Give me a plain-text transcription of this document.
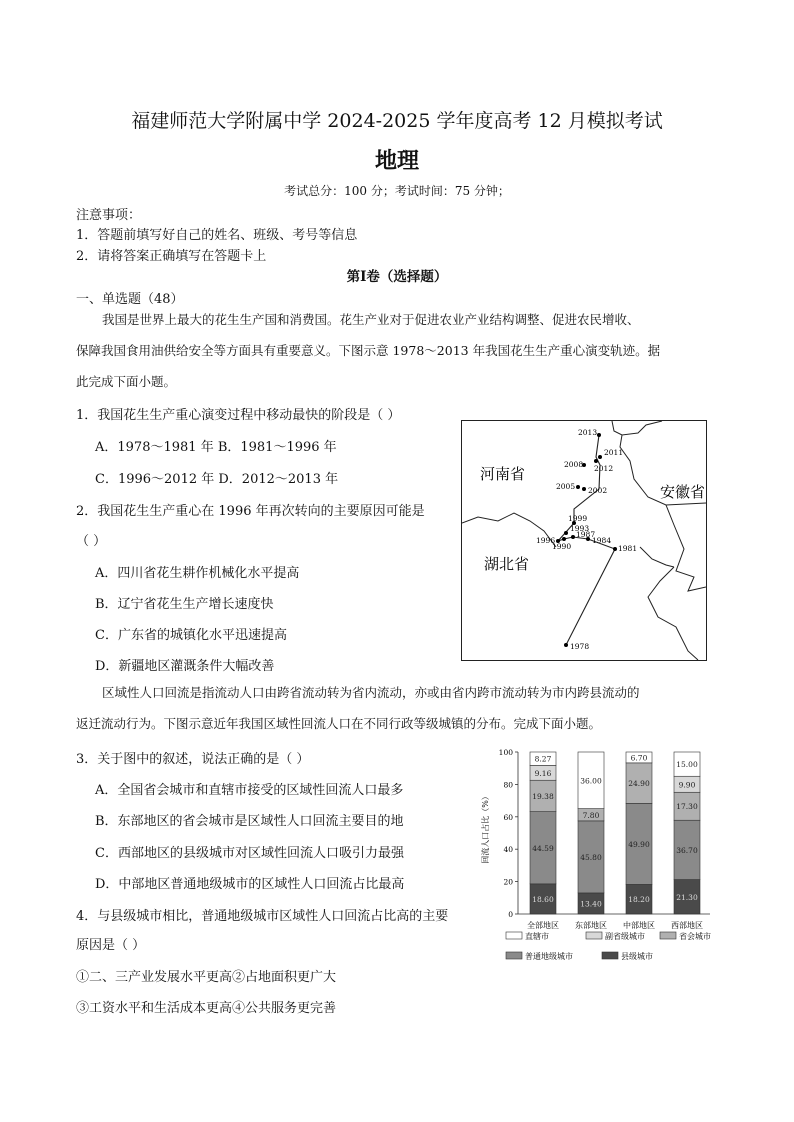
福建师范大学附属中学 2024-2025 学年度高考 12 月模拟考试
地理
考试总分：100 分；考试时间：75 分钟；
注意事项：
1．答题前填写好自己的姓名、班级、考号等信息
2．请将答案正确填写在答题卡上
第Ⅰ卷（选择题）
一、单选题（48）
我国是世界上最大的花生生产国和消费国。花生产业对于促进农业产业结构调整、促进农民增收、
保障我国食用油供给安全等方面具有重要意义。下图示意 1978～2013 年我国花生生产重心演变轨迹。据
此完成下面小题。
1．我国花生生产重心演变过程中移动最快的阶段是（ ）
A．1978～1981 年 B．1981～1996 年
C．1996～2012 年 D．2012～2013 年
2．我国花生生产重心在 1996 年再次转向的主要原因可能是
（ ）
A．四川省花生耕作机械化水平提高
B．辽宁省花生生产增长速度快
C．广东省的城镇化水平迅速提高
D．新疆地区灌溉条件大幅改善
河南省
安徽省
湖北省
1978
1981
1984
1987
1990
1993
1996
1999
2002
2005
2008
2011
2012
2013
区域性人口回流是指流动人口由跨省流动转为省内流动，亦或由省内跨市流动转为市内跨县流动的
返迁流动行为。下图示意近年我国区域性回流人口在不同行政等级城镇的分布。完成下面小题。
3．关于图中的叙述，说法正确的是（ ）
A．全国省会城市和直辖市接受的区域性回流人口最多
B．东部地区的省会城市是区域性人口回流主要目的地
C．西部地区的县级城市对区域性回流人口吸引力最强
D．中部地区普通地级城市的区域性人口回流占比最高
4．与县级城市相比，普通地级城市区域性人口回流占比高的主要
原因是（ ）
①二、三产业发展水平更高②占地面积更广大
③工资水平和生活成本更高④公共服务更完善
回流人口占比（%）
0
20
40
60
80
100
18.60
44.59
19.38
9.16
8.27
13.40
45.80
7.80
36.00
18.20
49.90
24.90
6.70
21.30
36.70
17.30
9.90
15.00
全部地区 东部地区 中部地区 西部地区
直辖市	副省级城市	省会城市
普通地级城市	县级城市
